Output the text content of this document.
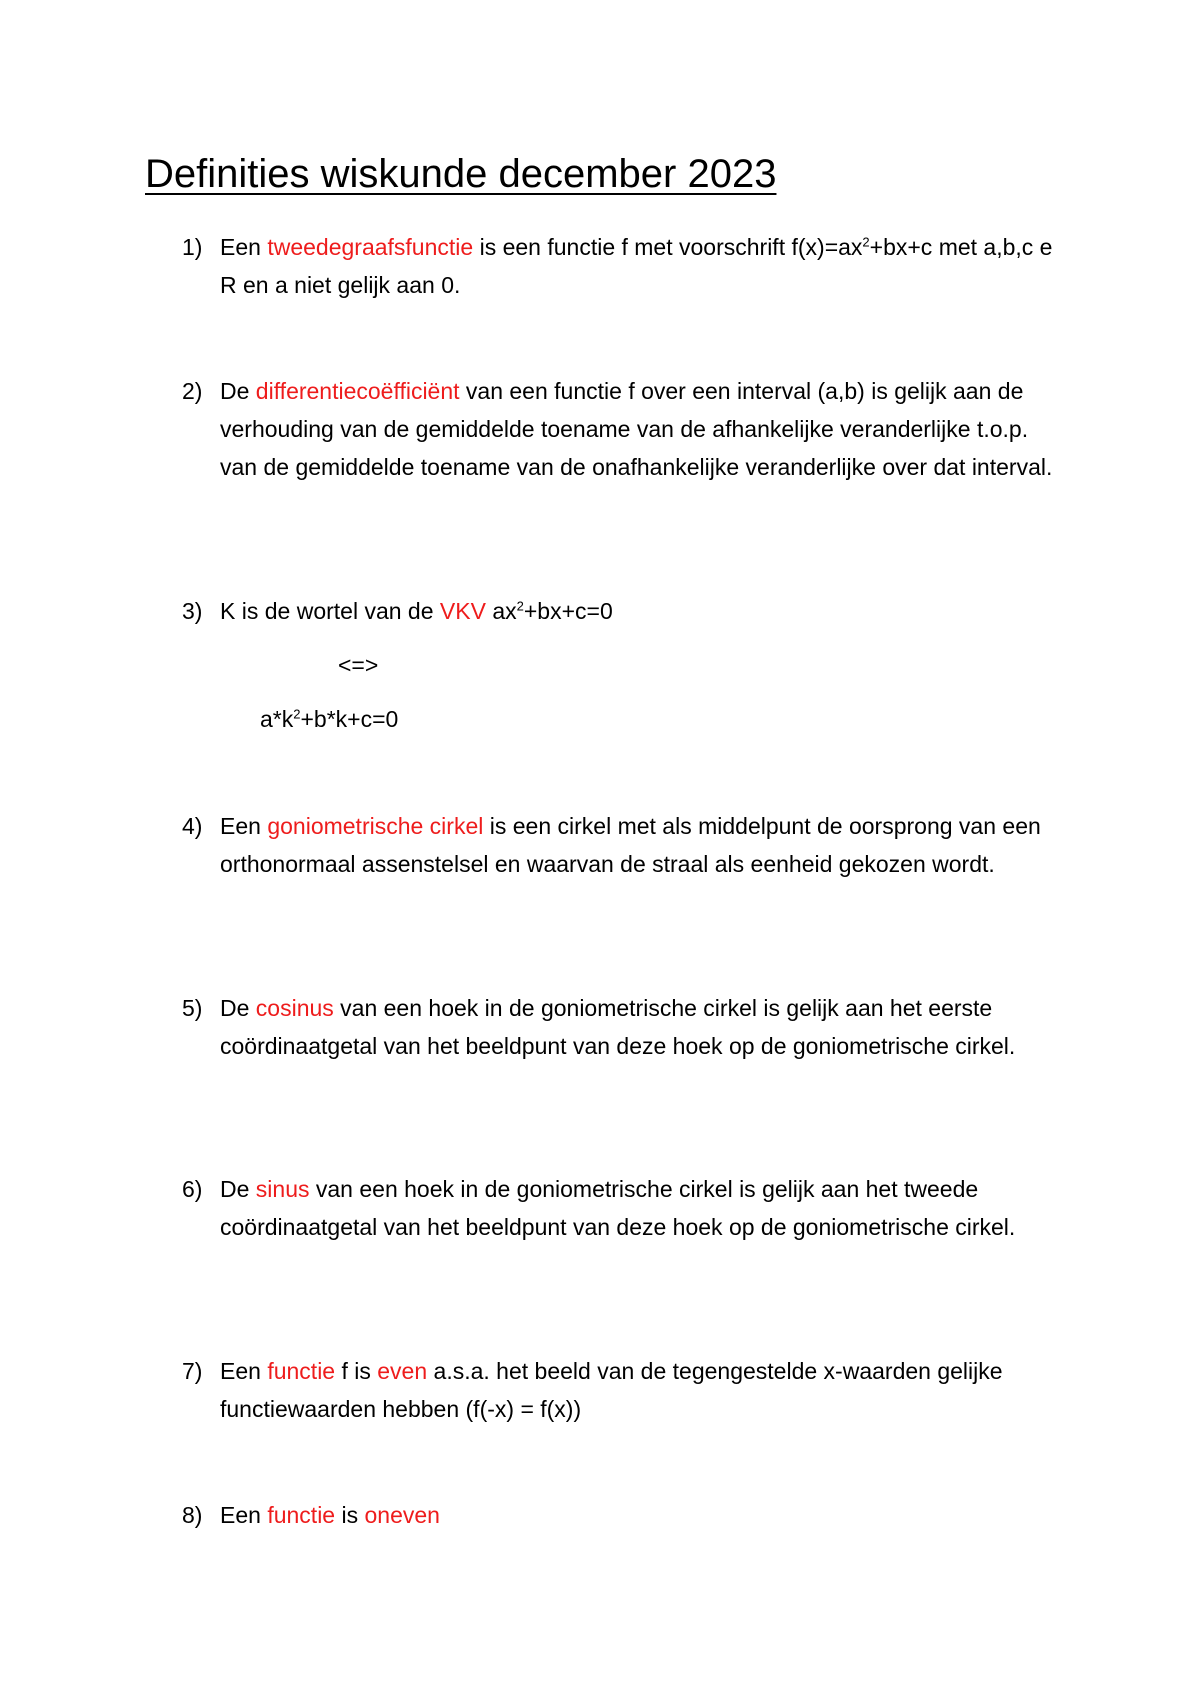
Definities wiskunde december 2023
1) Een tweedegraafsfunctie is een functie f met voorschrift $f(x)=ax^2+bx+c$ met a,b,c e R en a niet gelijk aan 0.
2) De differentiecoëfficiënt van een functie f over een interval (a,b) is gelijk aan de verhouding van de gemiddelde toename van de afhankelijke veranderlijke t.o.p. van de gemiddelde toename van de onafhankelijke veranderlijke over dat interval.
3) K is de wortel van de VKV $ax^2+bx+c=0$
<=>
$a*k^2+b*k+c=0$
4) Een goniometrische cirkel is een cirkel met als middelpunt de oorsprong van een orthonormaal assenstelsel en waarvan de straal als eenheid gekozen wordt.
5) De cosinus van een hoek in de goniometrische cirkel is gelijk aan het eerste coördinaatgetal van het beeldpunt van deze hoek op de goniometrische cirkel.
6) De sinus van een hoek in de goniometrische cirkel is gelijk aan het tweede coördinaatgetal van het beeldpunt van deze hoek op de goniometrische cirkel.
7) Een functie f is even a.s.a. het beeld van de tegengestelde x-waarden gelijke functiewaarden hebben (f(-x) = f(x))
8) Een functie is oneven
